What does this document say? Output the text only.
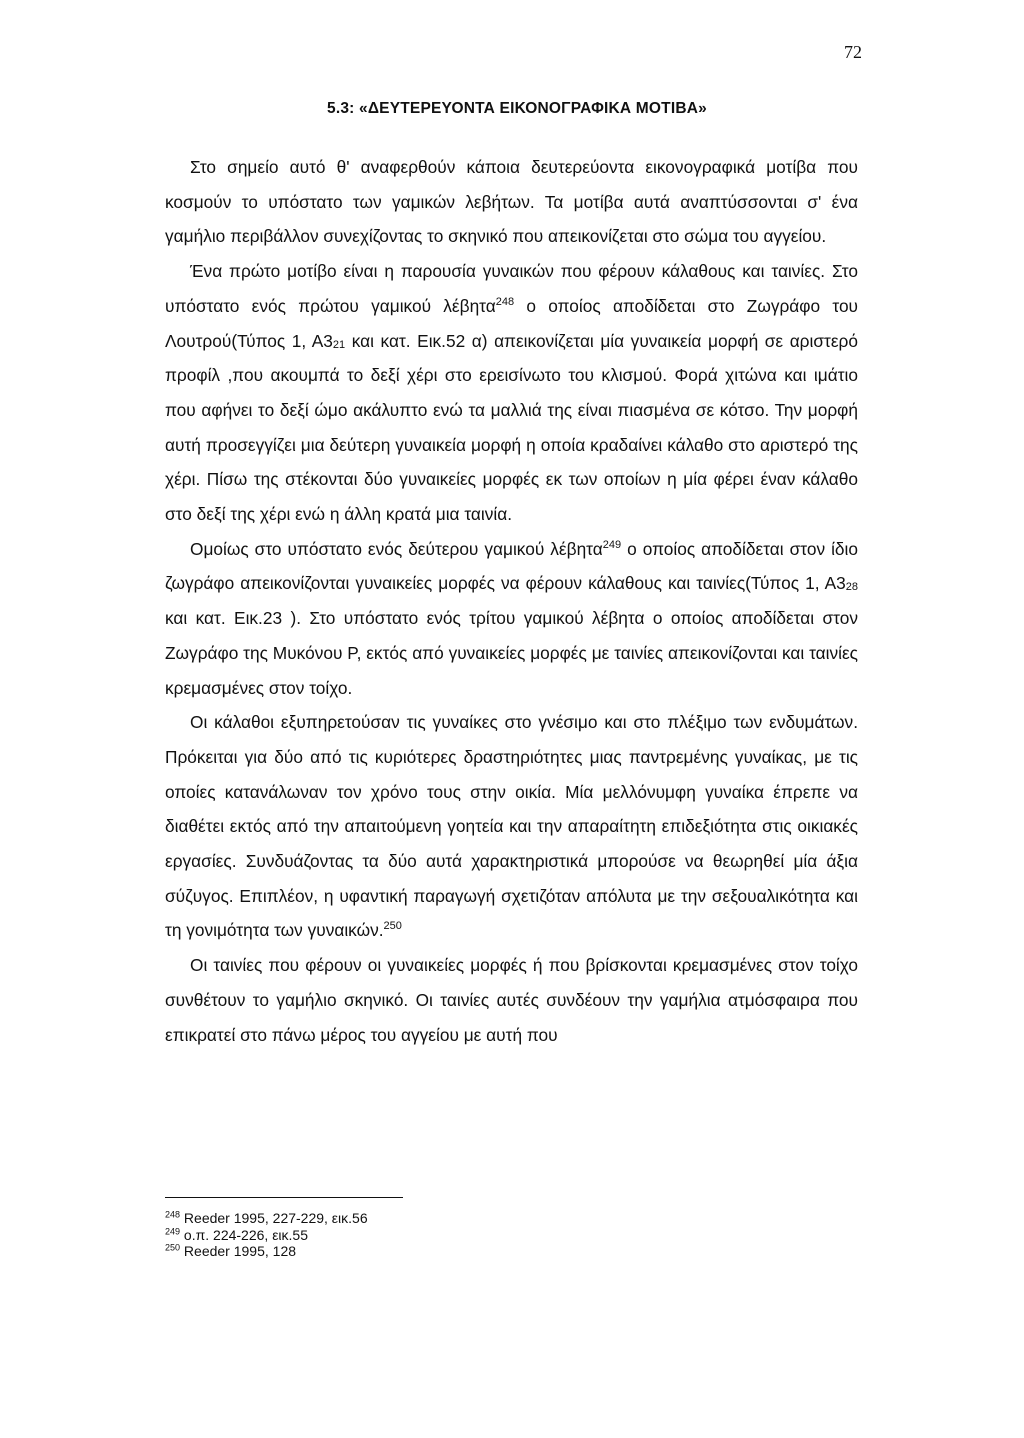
72
5.3: «ΔΕΥΤΕΡΕΥΟΝΤΑ ΕΙΚΟΝΟΓΡΑΦΙΚΑ ΜΟΤΙΒΑ»

Στο σημείο αυτό θ' αναφερθούν κάποια δευτερεύοντα εικονογραφικά μοτίβα που κοσμούν το υπόστατο των γαμικών λεβήτων. Τα μοτίβα αυτά αναπτύσσονται σ' ένα γαμήλιο περιβάλλον συνεχίζοντας το σκηνικό που απεικονίζεται στο σώμα του αγγείου.

Ένα πρώτο μοτίβο είναι η παρουσία γυναικών που φέρουν κάλαθους και ταινίες. Στο υπόστατο ενός πρώτου γαμικού λέβητα$^{248}$ ο οποίος αποδίδεται στο Ζωγράφο του Λουτρού(Τύπος 1, $A3_{21}$ και κατ. Εικ.52 α) απεικονίζεται μία γυναικεία μορφή σε αριστερό προφίλ ,που ακουμπά το δεξί χέρι στο ερεισίνωτο του κλισμού. Φορά χιτώνα και ιμάτιο που αφήνει το δεξί ώμο ακάλυπτο ενώ τα μαλλιά της είναι πιασμένα σε κότσο. Την μορφή αυτή προσεγγίζει μια δεύτερη γυναικεία μορφή η οποία κραδαίνει κάλαθο στο αριστερό της χέρι. Πίσω της στέκονται δύο γυναικείες μορφές εκ των οποίων η μία φέρει έναν κάλαθο στο δεξί της χέρι ενώ η άλλη κρατά μια ταινία.

Ομοίως στο υπόστατο ενός δεύτερου γαμικού λέβητα$^{249}$ ο οποίος αποδίδεται στον ίδιο ζωγράφο απεικονίζονται γυναικείες μορφές να φέρουν κάλαθους και ταινίες(Τύπος 1, $A3_{28}$ και κατ. Εικ.23 ). Στο υπόστατο ενός τρίτου γαμικού λέβητα ο οποίος αποδίδεται στον Ζωγράφο της Μυκόνου Ρ, εκτός από γυναικείες μορφές με ταινίες απεικονίζονται και ταινίες κρεμασμένες στον τοίχο.

Οι κάλαθοι εξυπηρετούσαν τις γυναίκες στο γνέσιμο και στο πλέξιμο των ενδυμάτων. Πρόκειται για δύο από τις κυριότερες δραστηριότητες μιας παντρεμένης γυναίκας, με τις οποίες κατανάλωναν τον χρόνο τους στην οικία. Μία μελλόνυμφη γυναίκα έπρεπε να διαθέτει εκτός από την απαιτούμενη γοητεία και την απαραίτητη επιδεξιότητα στις οικιακές εργασίες. Συνδυάζοντας τα δύο αυτά χαρακτηριστικά μπορούσε να θεωρηθεί μία άξια σύζυγος. Επιπλέον, η υφαντική παραγωγή σχετιζόταν απόλυτα με την σεξουαλικότητα και τη γονιμότητα των γυναικών.$^{250}$

Οι ταινίες που φέρουν οι γυναικείες μορφές ή που βρίσκονται κρεμασμένες στον τοίχο συνθέτουν το γαμήλιο σκηνικό. Οι ταινίες αυτές συνδέουν την γαμήλια ατμόσφαιρα που επικρατεί στο πάνω μέρος του αγγείου με αυτή που

$^{248}$ Reeder 1995, 227-229, εικ.56

$^{249}$ ο.π. 224-226, εικ.55

$^{250}$ Reeder 1995, 128
